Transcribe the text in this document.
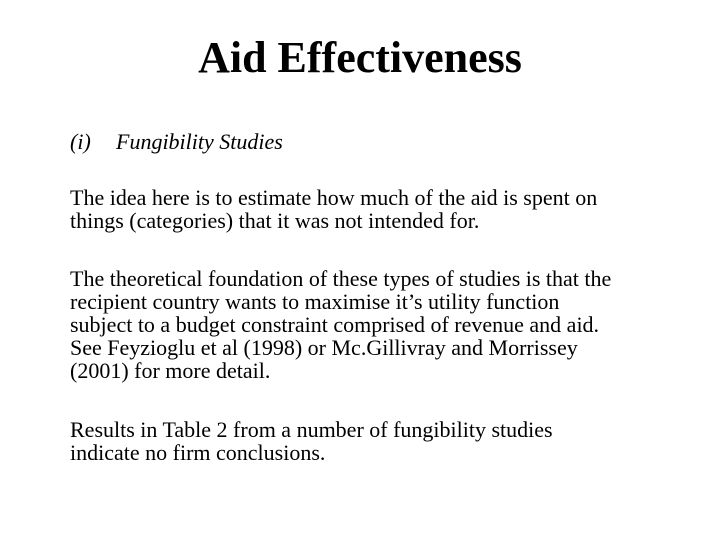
Aid Effectiveness
(i) Fungibility Studies

The idea here is to estimate how much of the aid is spent on
things (categories) that it was not intended for.

The theoretical foundation of these types of studies is that the
recipient country wants to maximise it’s utility function
subject to a budget constraint comprised of revenue and aid.
See Feyzioglu et al (1998) or Mc.Gillivray and Morrissey
(2001) for more detail.

Results in Table 2 from a number of fungibility studies
indicate no firm conclusions.
